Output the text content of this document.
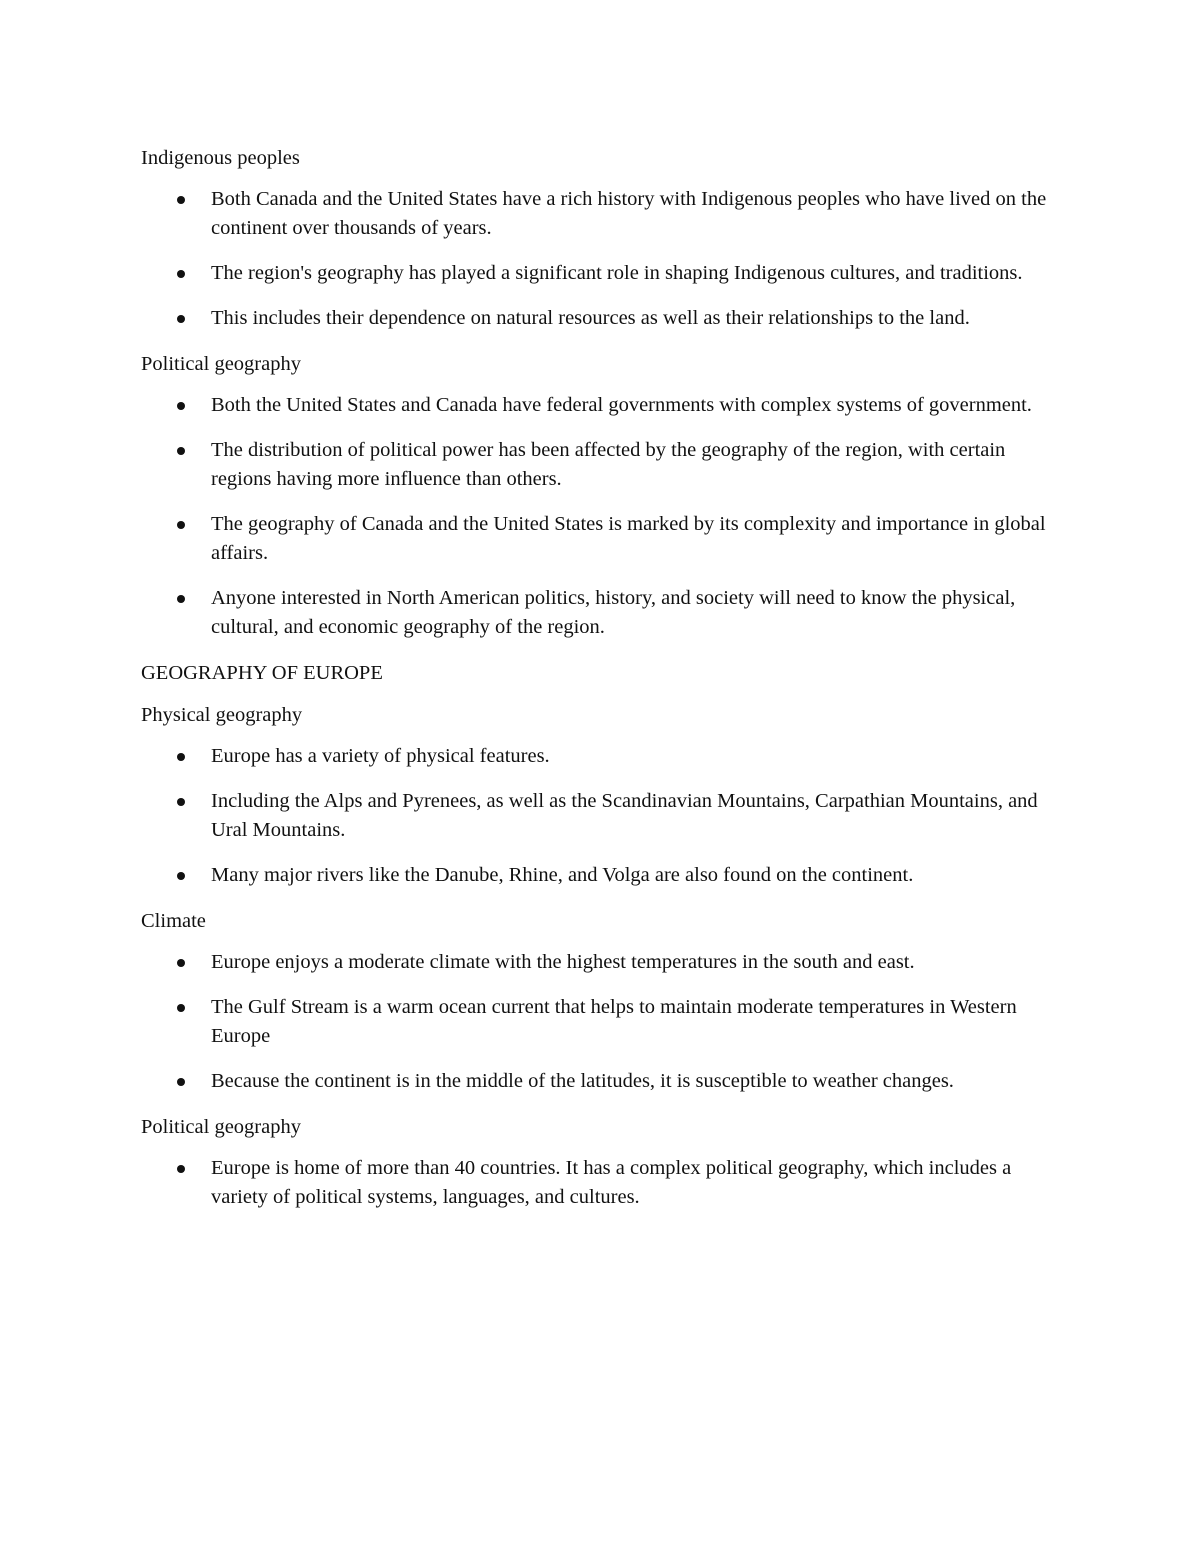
Indigenous peoples
Both Canada and the United States have a rich history with Indigenous peoples who have lived on the continent over thousands of years.
The region's geography has played a significant role in shaping Indigenous cultures, and traditions.
This includes their dependence on natural resources as well as their relationships to the land.
Political geography
Both the United States and Canada have federal governments with complex systems of government.
The distribution of political power has been affected by the geography of the region, with certain regions having more influence than others.
The geography of Canada and the United States is marked by its complexity and importance in global affairs.
Anyone interested in North American politics, history, and society will need to know the physical, cultural, and economic geography of the region.
GEOGRAPHY OF EUROPE
Physical geography
Europe has a variety of physical features.
Including the Alps and Pyrenees, as well as the Scandinavian Mountains, Carpathian Mountains, and Ural Mountains.
Many major rivers like the Danube, Rhine, and Volga are also found on the continent.
Climate
Europe enjoys a moderate climate with the highest temperatures in the south and east.
The Gulf Stream is a warm ocean current that helps to maintain moderate temperatures in Western Europe
Because the continent is in the middle of the latitudes, it is susceptible to weather changes.
Political geography
Europe is home of more than 40 countries. It has a complex political geography, which includes a variety of political systems, languages, and cultures.
